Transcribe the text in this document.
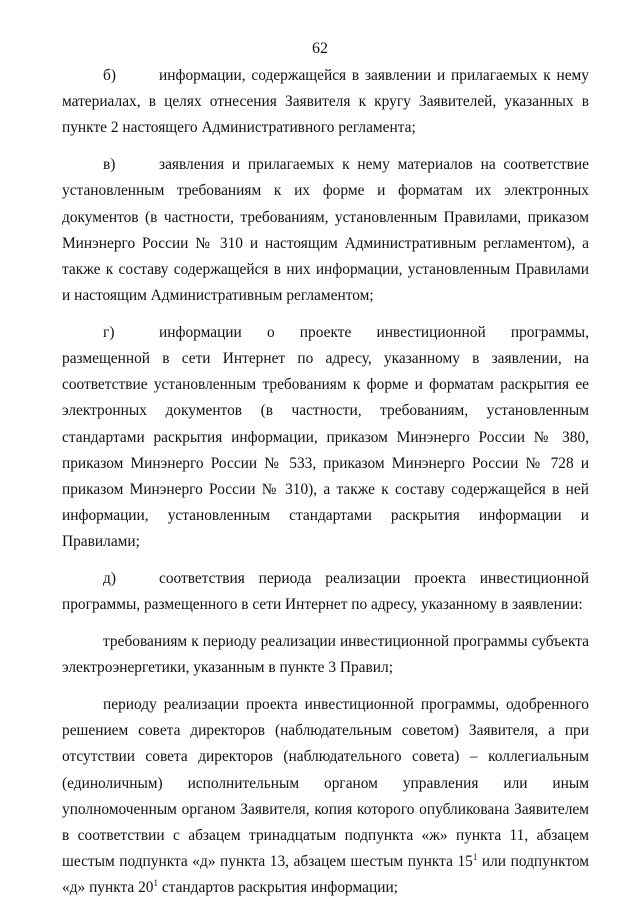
62

б)	информации, содержащейся в заявлении и прилагаемых к нему материалах, в целях отнесения Заявителя к кругу Заявителей, указанных в пункте 2 настоящего Административного регламента;

в)	заявления и прилагаемых к нему материалов на соответствие установленным требованиям к их форме и форматам их электронных документов (в частности, требованиям, установленным Правилами, приказом Минэнерго России № 310 и настоящим Административным регламентом), а также к составу содержащейся в них информации, установленным Правилами и настоящим Административным регламентом;

г)	информации о проекте инвестиционной программы, размещенной в сети Интернет по адресу, указанному в заявлении, на соответствие установленным требованиям к форме и форматам раскрытия ее электронных документов (в частности, требованиям, установленным стандартами раскрытия информации, приказом Минэнерго России № 380, приказом Минэнерго России № 533, приказом Минэнерго России № 728 и приказом Минэнерго России № 310), а также к составу содержащейся в ней информации, установленным стандартами раскрытия информации и Правилами;

д)	соответствия периода реализации проекта инвестиционной программы, размещенного в сети Интернет по адресу, указанному в заявлении:

требованиям к периоду реализации инвестиционной программы субъекта электроэнергетики, указанным в пункте 3 Правил;

периоду реализации проекта инвестиционной программы, одобренного решением совета директоров (наблюдательным советом) Заявителя, а при отсутствии совета директоров (наблюдательного совета) – коллегиальным (единоличным) исполнительным органом управления или иным уполномоченным органом Заявителя, копия которого опубликована Заявителем в соответствии с абзацем тринадцатым подпункта «ж» пункта 11, абзацем шестым подпункта «д» пункта 13, абзацем шестым пункта $15^1$ или подпунктом «д» пункта $20^1$ стандартов раскрытия информации;
